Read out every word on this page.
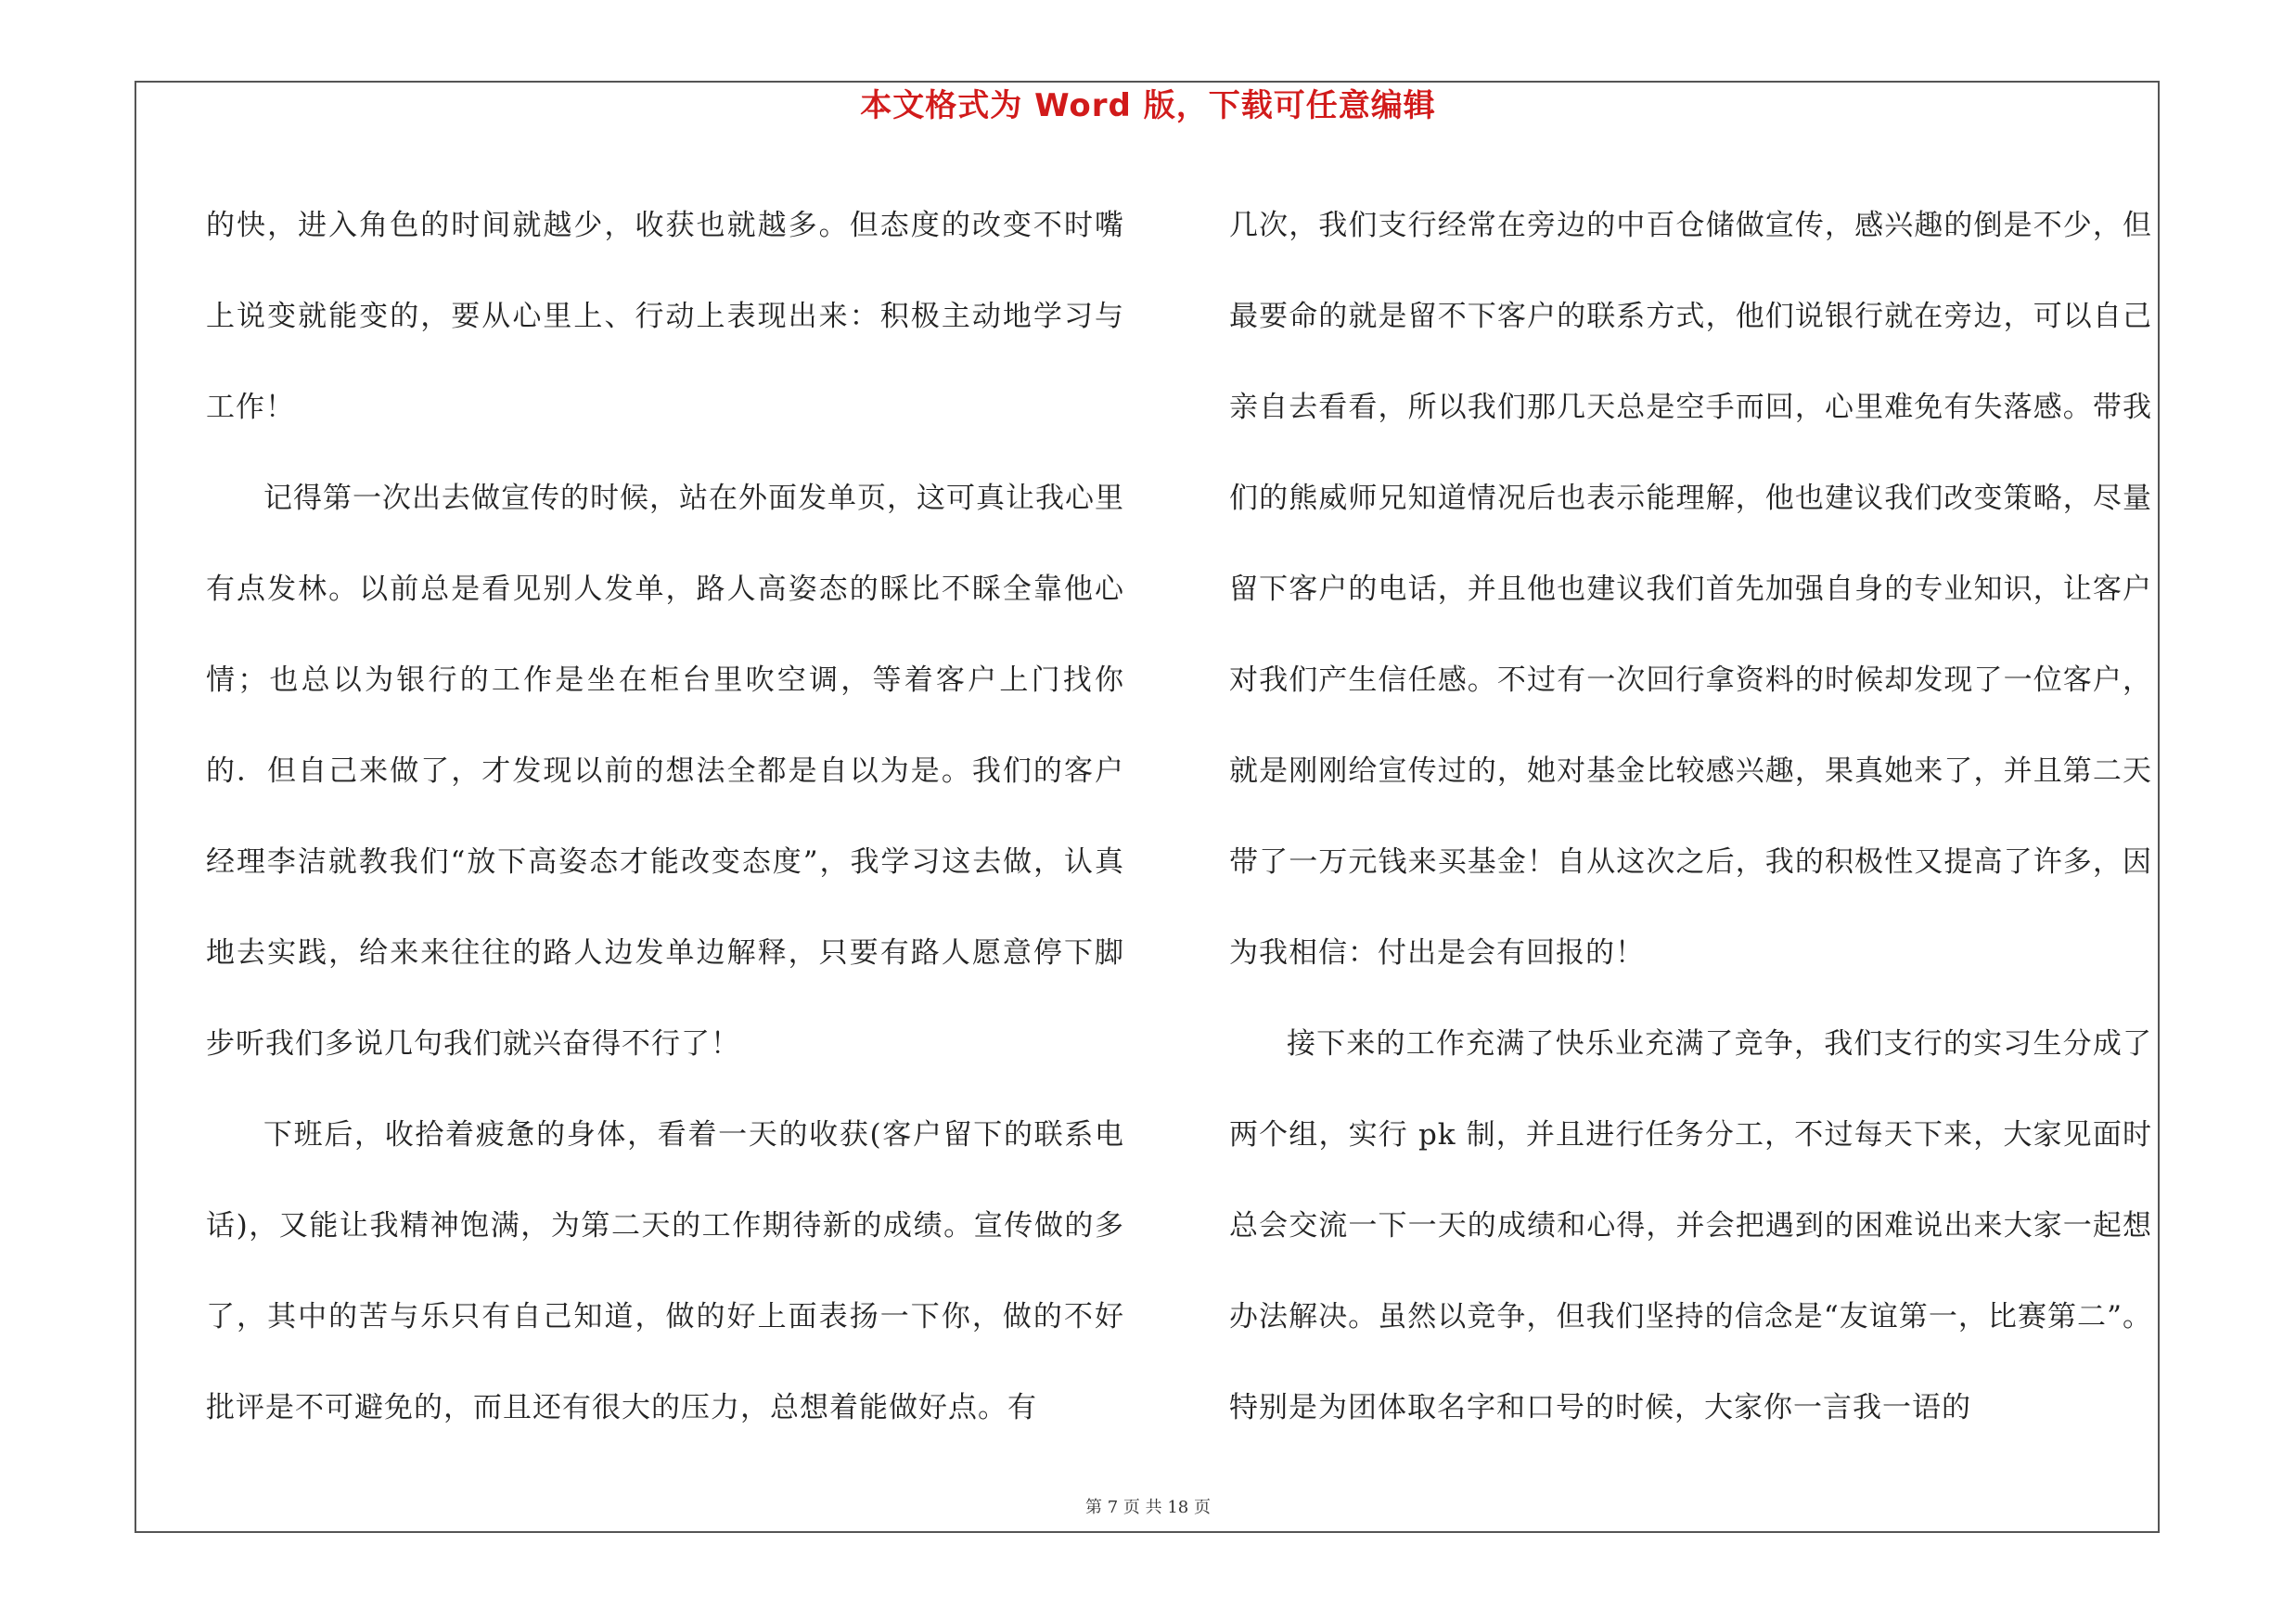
本文格式为 Word 版，下载可任意编辑

的快，进入角色的时间就越少，收获也就越多。但态度的改变不时嘴上说变就能变的，要从心里上、行动上表现出来：积极主动地学习与工作！

记得第一次出去做宣传的时候，站在外面发单页，这可真让我心里有点发林。以前总是看见别人发单，路人高姿态的睬比不睬全靠他心情；也总以为银行的工作是坐在柜台里吹空调，等着客户上门找你的．但自己来做了，才发现以前的想法全都是自以为是。我们的客户经理李洁就教我们“放下高姿态才能改变态度”，我学习这去做，认真地去实践，给来来往往的路人边发单边解释，只要有路人愿意停下脚步听我们多说几句我们就兴奋得不行了！

下班后，收拾着疲惫的身体，看着一天的收获(客户留下的联系电话)，又能让我精神饱满，为第二天的工作期待新的成绩。宣传做的多了，其中的苦与乐只有自己知道，做的好上面表扬一下你，做的不好批评是不可避免的，而且还有很大的压力，总想着能做好点。有

几次，我们支行经常在旁边的中百仓储做宣传，感兴趣的倒是不少，但最要命的就是留不下客户的联系方式，他们说银行就在旁边，可以自己亲自去看看，所以我们那几天总是空手而回，心里难免有失落感。带我们的熊威师兄知道情况后也表示能理解，他也建议我们改变策略，尽量留下客户的电话，并且他也建议我们首先加强自身的专业知识，让客户对我们产生信任感。不过有一次回行拿资料的时候却发现了一位客户，就是刚刚给宣传过的，她对基金比较感兴趣，果真她来了，并且第二天带了一万元钱来买基金！自从这次之后，我的积极性又提高了许多，因为我相信：付出是会有回报的！

接下来的工作充满了快乐业充满了竞争，我们支行的实习生分成了两个组，实行 pk 制，并且进行任务分工，不过每天下来，大家见面时总会交流一下一天的成绩和心得，并会把遇到的困难说出来大家一起想办法解决。虽然以竞争，但我们坚持的信念是“友谊第一，比赛第二”。特别是为团体取名字和口号的时候，大家你一言我一语的

第 7 页 共 18 页
